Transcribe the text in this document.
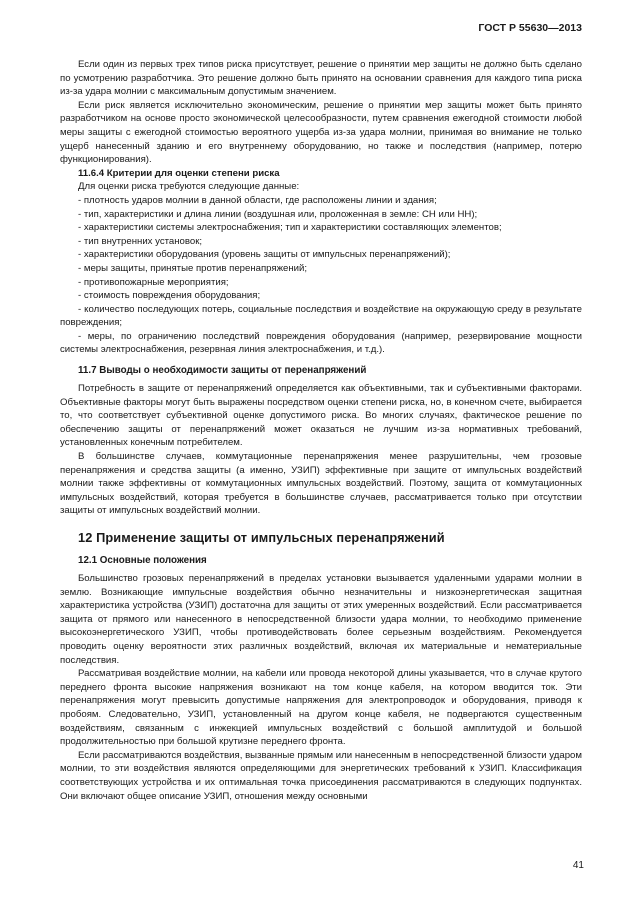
ГОСТ Р 55630—2013

Если один из первых трех типов риска присутствует, решение о принятии мер защиты не должно быть сделано по усмотрению разработчика. Это решение должно быть принято на основании сравнения для каждого типа риска из-за удара молнии с максимальным допустимым значением.

Если риск является исключительно экономическим, решение о принятии мер защиты может быть принято разработчиком на основе просто экономической целесообразности, путем сравнения ежегодной стоимости любой меры защиты с ежегодной стоимостью вероятного ущерба из-за удара молнии, принимая во внимание не только ущерб нанесенный зданию и его внутреннему оборудованию, но также и последствия (например, потерю функционирования).

11.6.4 Критерии для оценки степени риска

Для оценки риска требуются следующие данные:

- плотность ударов молнии в данной области, где расположены линии и здания;

- тип, характеристики и длина линии (воздушная или, проложенная в земле: СН или НН);

- характеристики системы электроснабжения; тип и характеристики составляющих элементов;

- тип внутренних установок;

- характеристики оборудования (уровень защиты от импульсных перенапряжений);

- меры защиты, принятые против перенапряжений;

- противопожарные мероприятия;

- стоимость повреждения оборудования;

- количество последующих потерь, социальные последствия и воздействие на окружающую среду в результате повреждения;

- меры, по ограничению последствий повреждения оборудования (например, резервирование мощности системы электроснабжения, резервная линия электроснабжения, и т.д.).

11.7 Выводы о необходимости защиты от перенапряжений

Потребность в защите от перенапряжений определяется как объективными, так и субъективными факторами. Объективные факторы могут быть выражены посредством оценки степени риска, но, в конечном счете, выбирается то, что соответствует субъективной оценке допустимого риска. Во многих случаях, фактическое решение по обеспечению защиты от перенапряжений может оказаться не лучшим из-за нормативных требований, установленных конечным потребителем.

В большинстве случаев, коммутационные перенапряжения менее разрушительны, чем грозовые перенапряжения и средства защиты (а именно, УЗИП) эффективные при защите от импульсных воздействий молнии также эффективны от коммутационных импульсных воздействий. Поэтому, защита от коммутационных импульсных воздействий, которая требуется в большинстве случаев, рассматривается только при отсутствии защиты от импульсных воздействий молнии.

12 Применение защиты от импульсных перенапряжений
12.1 Основные положения

Большинство грозовых перенапряжений в пределах установки вызывается удаленными ударами молнии в землю. Возникающие импульсные воздействия обычно незначительны и низкоэнергетическая защитная характеристика устройства (УЗИП) достаточна для защиты от этих умеренных воздействий. Если рассматривается защита от прямого или нанесенного в непосредственной близости удара молнии, то необходимо применение высокоэнергетического УЗИП, чтобы противодействовать более серьезным воздействиям. Рекомендуется проводить оценку вероятности этих различных воздействий, включая их материальные и нематериальные последствия.

Рассматривая воздействие молнии, на кабели или провода некоторой длины указывается, что в случае крутого переднего фронта высокие напряжения возникают на том конце кабеля, на котором вводится ток. Эти перенапряжения могут превысить допустимые напряжения для электропроводок и оборудования, приводя к пробоям. Следовательно, УЗИП, установленный на другом конце кабеля, не подвергаются существенным воздействиям, связанным с инжекцией импульсных воздействий с большой амплитудой и большой продолжительностью при большой крутизне переднего фронта.

Если рассматриваются воздействия, вызванные прямым или нанесенным в непосредственной близости ударом молнии, то эти воздействия являются определяющими для энергетических требований к УЗИП. Классификация соответствующих устройства и их оптимальная точка присоединения рассматриваются в следующих подпунктах. Они включают общее описание УЗИП, отношения между основными

41
